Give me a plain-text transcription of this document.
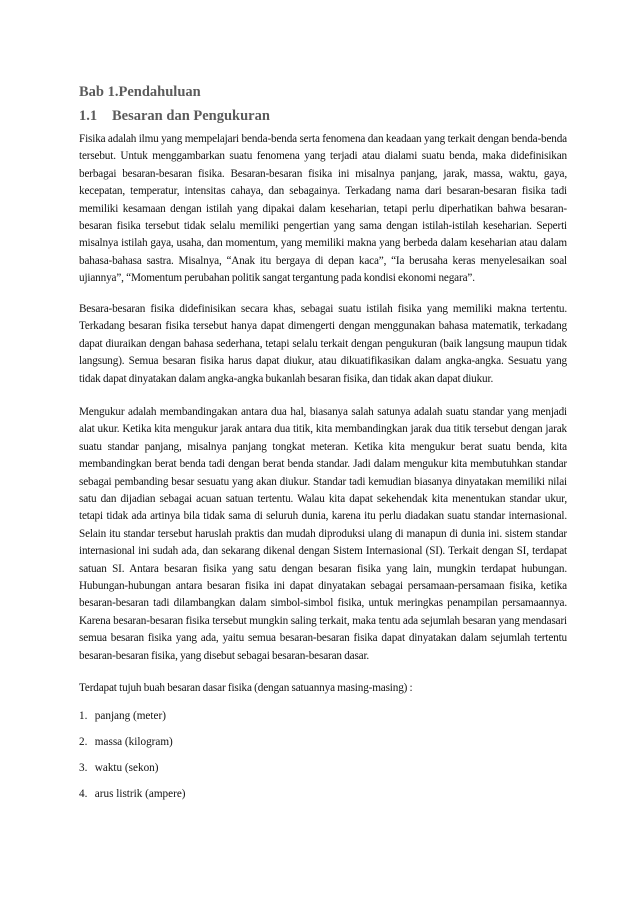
Bab 1.Pendahuluan
1.1 Besaran dan Pengukuran

Fisika adalah ilmu yang mempelajari benda-benda serta fenomena dan keadaan yang terkait dengan benda-benda tersebut. Untuk menggambarkan suatu fenomena yang terjadi atau dialami suatu benda, maka didefinisikan berbagai besaran-besaran fisika. Besaran-besaran fisika ini misalnya panjang, jarak, massa, waktu, gaya, kecepatan, temperatur, intensitas cahaya, dan sebagainya. Terkadang nama dari besaran-besaran fisika tadi memiliki kesamaan dengan istilah yang dipakai dalam keseharian, tetapi perlu diperhatikan bahwa besaran-besaran fisika tersebut tidak selalu memiliki pengertian yang sama dengan istilah-istilah keseharian. Seperti misalnya istilah gaya, usaha, dan momentum, yang memiliki makna yang berbeda dalam keseharian atau dalam bahasa-bahasa sastra. Misalnya, “Anak itu bergaya di depan kaca”, “Ia berusaha keras menyelesaikan soal ujiannya”, “Momentum perubahan politik sangat tergantung pada kondisi ekonomi negara”.

Besara-besaran fisika didefinisikan secara khas, sebagai suatu istilah fisika yang memiliki makna tertentu. Terkadang besaran fisika tersebut hanya dapat dimengerti dengan menggunakan bahasa matematik, terkadang dapat diuraikan dengan bahasa sederhana, tetapi selalu terkait dengan pengukuran (baik langsung maupun tidak langsung). Semua besaran fisika harus dapat diukur, atau dikuatifikasikan dalam angka-angka. Sesuatu yang tidak dapat dinyatakan dalam angka-angka bukanlah besaran fisika, dan tidak akan dapat diukur.

Mengukur adalah membandingakan antara dua hal, biasanya salah satunya adalah suatu standar yang menjadi alat ukur. Ketika kita mengukur jarak antara dua titik, kita membandingkan jarak dua titik tersebut dengan jarak suatu standar panjang, misalnya panjang tongkat meteran. Ketika kita mengukur berat suatu benda, kita membandingkan berat benda tadi dengan berat benda standar. Jadi dalam mengukur kita membutuhkan standar sebagai pembanding besar sesuatu yang akan diukur. Standar tadi kemudian biasanya dinyatakan memiliki nilai satu dan dijadian sebagai acuan satuan tertentu. Walau kita dapat sekehendak kita menentukan standar ukur, tetapi tidak ada artinya bila tidak sama di seluruh dunia, karena itu perlu diadakan suatu standar internasional. Selain itu standar tersebut haruslah praktis dan mudah diproduksi ulang di manapun di dunia ini. sistem standar internasional ini sudah ada, dan sekarang dikenal dengan Sistem Internasional (SI). Terkait dengan SI, terdapat satuan SI. Antara besaran fisika yang satu dengan besaran fisika yang lain, mungkin terdapat hubungan. Hubungan-hubungan antara besaran fisika ini dapat dinyatakan sebagai persamaan-persamaan fisika, ketika besaran-besaran tadi dilambangkan dalam simbol-simbol fisika, untuk meringkas penampilan persamaannya. Karena besaran-besaran fisika tersebut mungkin saling terkait, maka tentu ada sejumlah besaran yang mendasari semua besaran fisika yang ada, yaitu semua besaran-besaran fisika dapat dinyatakan dalam sejumlah tertentu besaran-besaran fisika, yang disebut sebagai besaran-besaran dasar.

Terdapat tujuh buah besaran dasar fisika (dengan satuannya masing-masing) :

1. panjang (meter)
2. massa (kilogram)
3. waktu (sekon)
4. arus listrik (ampere)
